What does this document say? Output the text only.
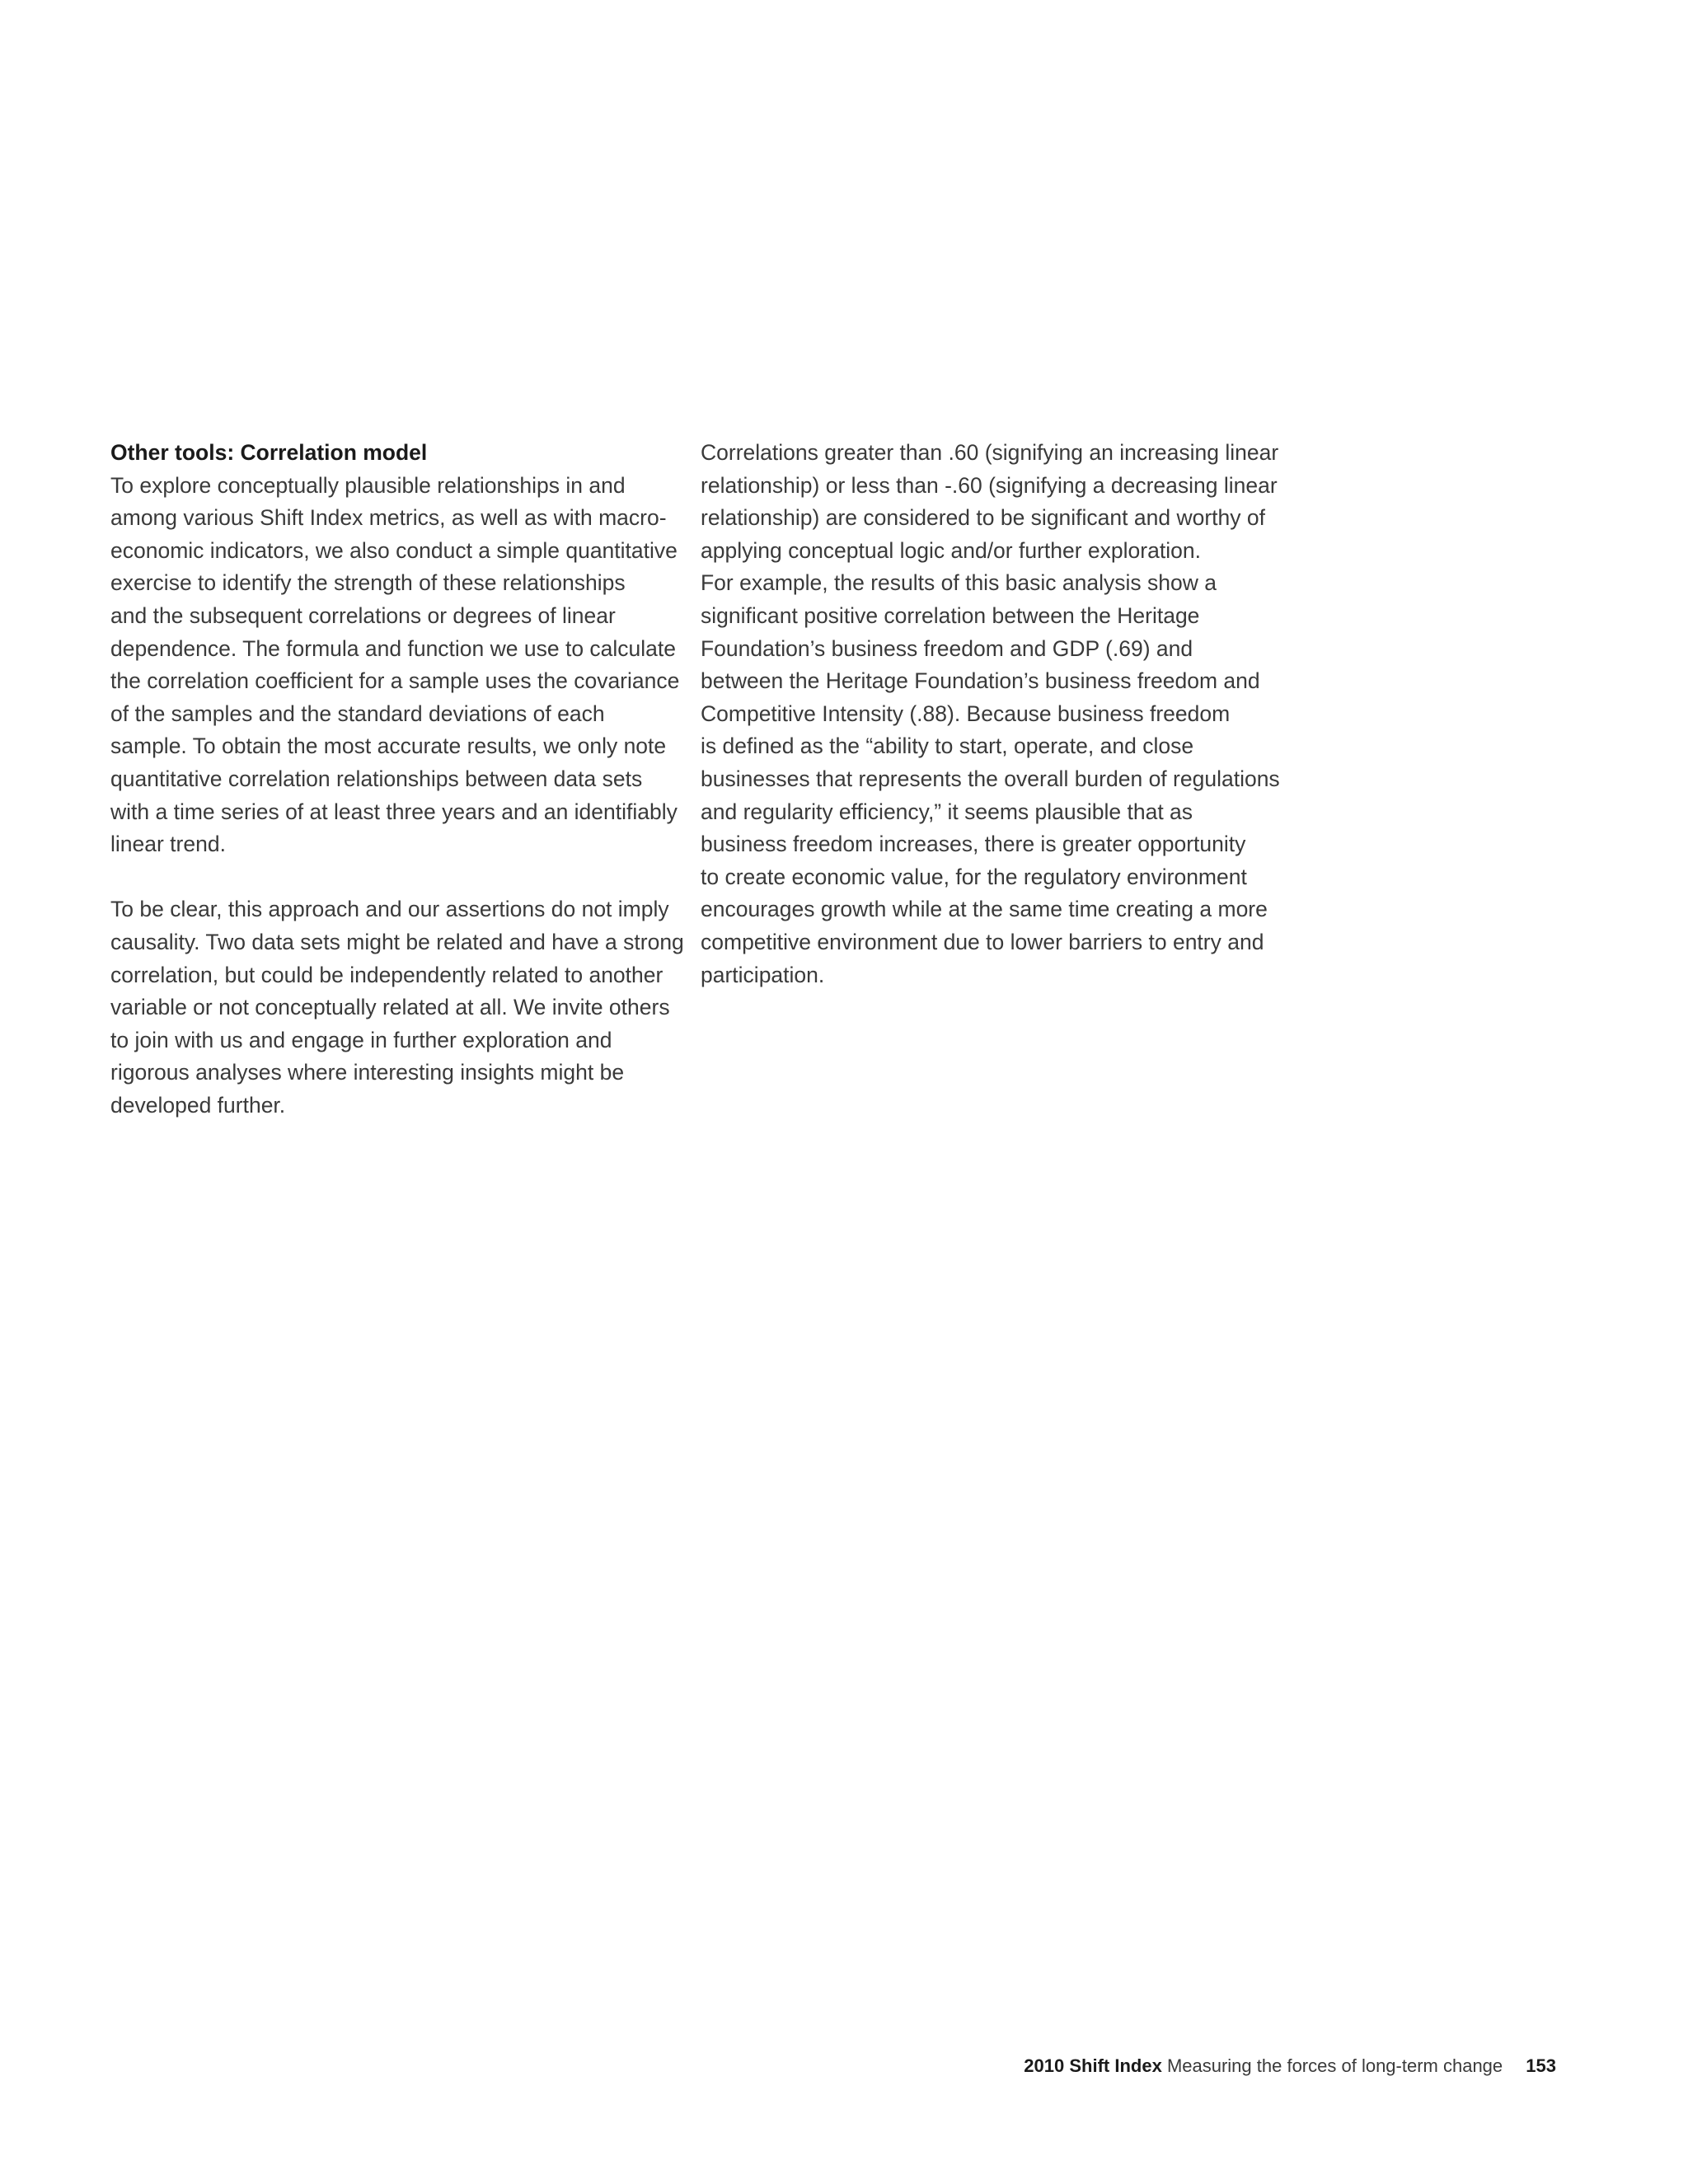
Other tools: Correlation model
To explore conceptually plausible relationships in and
among various Shift Index metrics, as well as with macro-
economic indicators, we also conduct a simple quantitative
exercise to identify the strength of these relationships
and the subsequent correlations or degrees of linear
dependence. The formula and function we use to calculate
the correlation coefficient for a sample uses the covariance
of the samples and the standard deviations of each
sample. To obtain the most accurate results, we only note
quantitative correlation relationships between data sets
with a time series of at least three years and an identifiably
linear trend.
To be clear, this approach and our assertions do not imply
causality. Two data sets might be related and have a strong
correlation, but could be independently related to another
variable or not conceptually related at all. We invite others
to join with us and engage in further exploration and
rigorous analyses where interesting insights might be
developed further.
Correlations greater than .60 (signifying an increasing linear
relationship) or less than -.60 (signifying a decreasing linear
relationship) are considered to be significant and worthy of
applying conceptual logic and/or further exploration.
For example, the results of this basic analysis show a
significant positive correlation between the Heritage
Foundation’s business freedom and GDP (.69) and
between the Heritage Foundation’s business freedom and
Competitive Intensity (.88). Because business freedom
is defined as the “ability to start, operate, and close
businesses that represents the overall burden of regulations
and regularity efficiency,” it seems plausible that as
business freedom increases, there is greater opportunity
to create economic value, for the regulatory environment
encourages growth while at the same time creating a more
competitive environment due to lower barriers to entry and
participation.
2010 Shift Index Measuring the forces of long-term change 153
